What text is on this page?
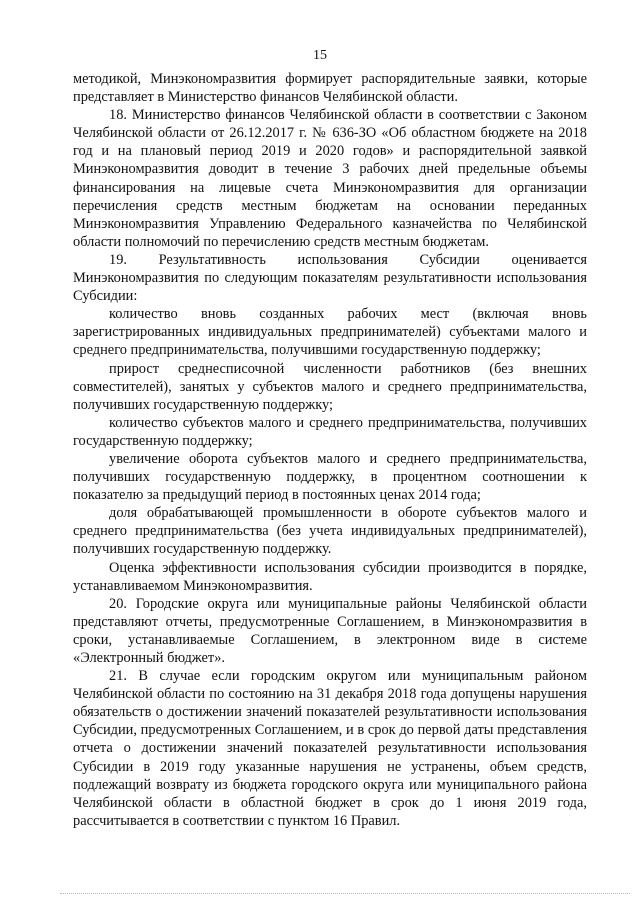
15

методикой, Минэкономразвития формирует распорядительные заявки, которые представляет в Министерство финансов Челябинской области.

18. Министерство финансов Челябинской области в соответствии с Законом Челябинской области от 26.12.2017 г. № 636-ЗО «Об областном бюджете на 2018 год и на плановый период 2019 и 2020 годов» и распорядительной заявкой Минэкономразвития доводит в течение 3 рабочих дней предельные объемы финансирования на лицевые счета Минэкономразвития для организации перечисления средств местным бюджетам на основании переданных Минэкономразвития Управлению Федерального казначейства по Челябинской области полномочий по перечислению средств местным бюджетам.

19. Результативность использования Субсидии оценивается Минэкономразвития по следующим показателям результативности использования Субсидии:

количество вновь созданных рабочих мест (включая вновь зарегистрированных индивидуальных предпринимателей) субъектами малого и среднего предпринимательства, получившими государственную поддержку;

прирост среднесписочной численности работников (без внешних совместителей), занятых у субъектов малого и среднего предпринимательства, получивших государственную поддержку;

количество субъектов малого и среднего предпринимательства, получивших государственную поддержку;

увеличение оборота субъектов малого и среднего предпринимательства, получивших государственную поддержку, в процентном соотношении к показателю за предыдущий период в постоянных ценах 2014 года;

доля обрабатывающей промышленности в обороте субъектов малого и среднего предпринимательства (без учета индивидуальных предпринимателей), получивших государственную поддержку.

Оценка эффективности использования субсидии производится в порядке, устанавливаемом Минэкономразвития.

20. Городские округа или муниципальные районы Челябинской области представляют отчеты, предусмотренные Соглашением, в Минэкономразвития в сроки, устанавливаемые Соглашением, в электронном виде в системе «Электронный бюджет».

21. В случае если городским округом или муниципальным районом Челябинской области по состоянию на 31 декабря 2018 года допущены нарушения обязательств о достижении значений показателей результативности использования Субсидии, предусмотренных Соглашением, и в срок до первой даты представления отчета о достижении значений показателей результативности использования Субсидии в 2019 году указанные нарушения не устранены, объем средств, подлежащий возврату из бюджета городского округа или муниципального района Челябинской области в областной бюджет в срок до 1 июня 2019 года, рассчитывается в соответствии с пунктом 16 Правил.
